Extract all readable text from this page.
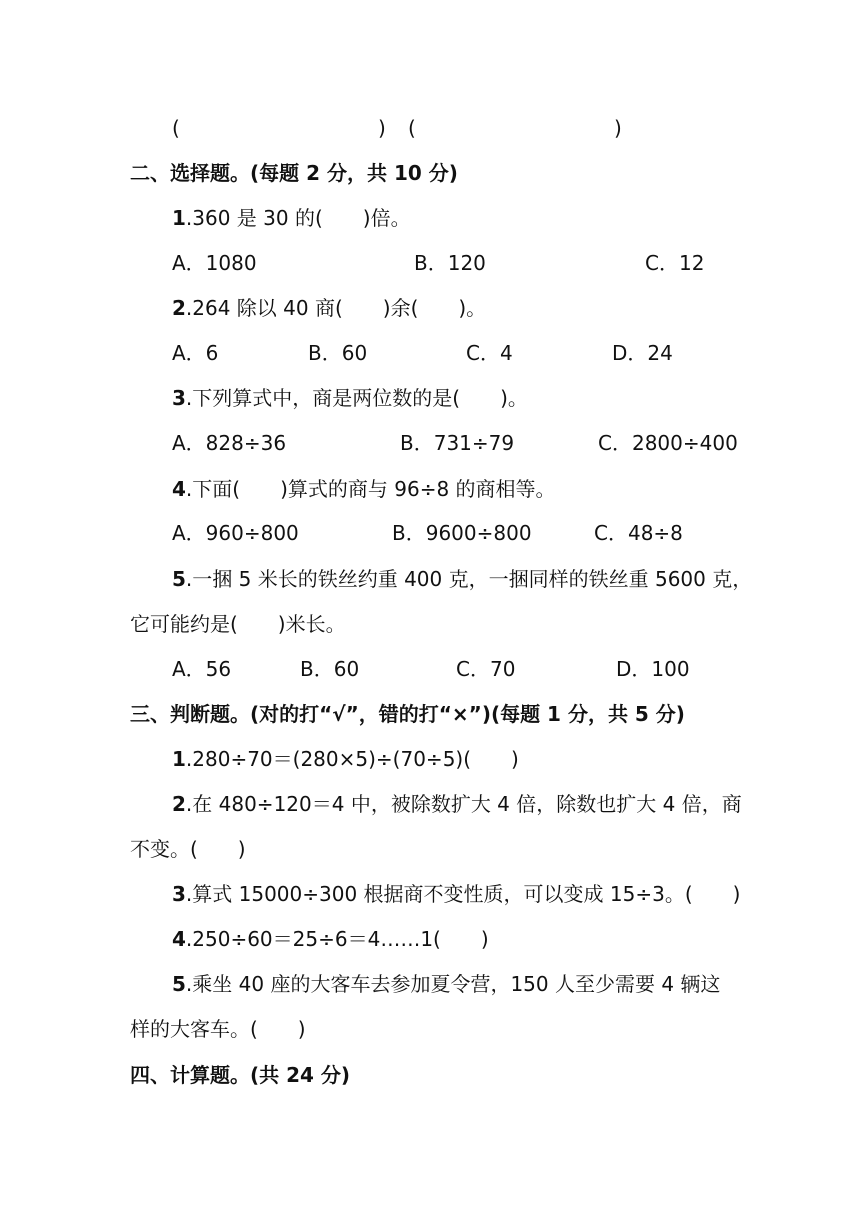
(	) (	)
二、选择题。(每题 2 分，共 10 分)
1.360 是 30 的(　　)倍。
A．1080	B．120	C．12
2.264 除以 40 商(　　)余(　　)。
A．6	B．60	C．4	D．24
3.下列算式中，商是两位数的是(　　)。
A．828÷36	B．731÷79	C．2800÷400
4.下面(　　)算式的商与 96÷8 的商相等。
A．960÷800	B．9600÷800	C．48÷8
5.一捆 5 米长的铁丝约重 400 克，一捆同样的铁丝重 5600 克，
它可能约是(　　)米长。
A．56	B．60	C．70	D．100
三、判断题。(对的打“√”，错的打“×”)(每题 1 分，共 5 分)
1.280÷70＝(280×5)÷(70÷5)(　　)
2.在 480÷120＝4 中，被除数扩大 4 倍，除数也扩大 4 倍，商
不变。(　　)
3.算式 15000÷300 根据商不变性质，可以变成 15÷3。(　　)
4.250÷60＝25÷6＝4……1(　　)
5.乘坐 40 座的大客车去参加夏令营，150 人至少需要 4 辆这
样的大客车。(　　)
四、计算题。(共 24 分)
